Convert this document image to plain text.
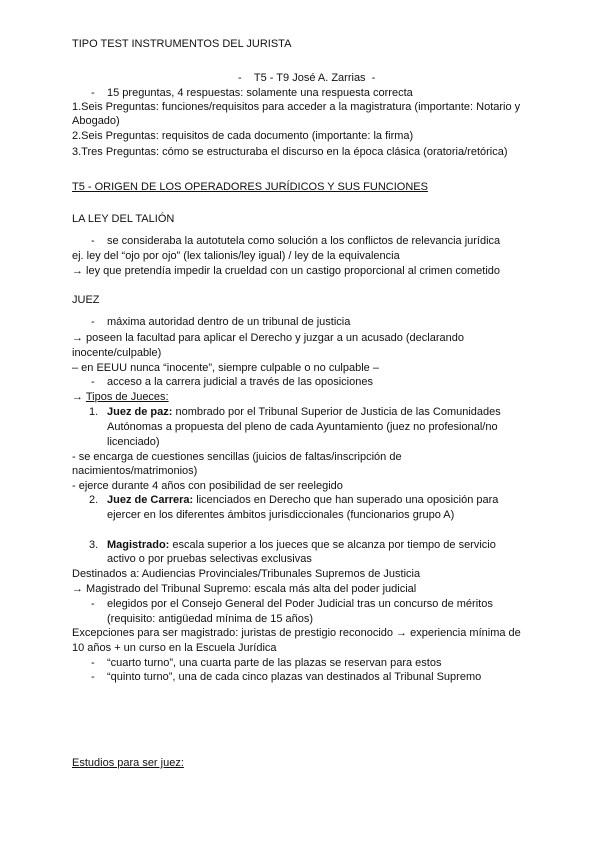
TIPO TEST INSTRUMENTOS DEL JURISTA
-    T5 - T9 José A. Zarrias  -
- 15 preguntas, 4 respuestas: solamente una respuesta correcta
1.Seis Preguntas: funciones/requisitos para acceder a la magistratura (importante: Notario y
Abogado)
2.Seis Preguntas: requisitos de cada documento (importante: la firma)
3.Tres Preguntas: cómo se estructuraba el discurso en la época clásica (oratoria/retórica)
T5 - ORIGEN DE LOS OPERADORES JURÍDICOS Y SUS FUNCIONES
LA LEY DEL TALIÓN
- se consideraba la autotutela como solución a los conflictos de relevancia jurídica
ej. ley del “ojo por ojo” (lex talionis/ley igual) / ley de la equivalencia
→ ley que pretendía impedir la crueldad con un castigo proporcional al crimen cometido
JUEZ
- máxima autoridad dentro de un tribunal de justicia
→ poseen la facultad para aplicar el Derecho y juzgar a un acusado (declarando
inocente/culpable)
– en EEUU nunca “inocente”, siempre culpable o no culpable –
- acceso a la carrera judicial a través de las oposiciones
→ Tipos de Jueces:
1. Juez de paz: nombrado por el Tribunal Superior de Justicia de las Comunidades
Autónomas a propuesta del pleno de cada Ayuntamiento (juez no profesional/no
licenciado)
- se encarga de cuestiones sencillas (juicios de faltas/inscripción de
nacimientos/matrimonios)
- ejerce durante 4 años con posibilidad de ser reelegido
2. Juez de Carrera: licenciados en Derecho que han superado una oposición para
ejercer en los diferentes ámbitos jurisdiccionales (funcionarios grupo A)
3. Magistrado: escala superior a los jueces que se alcanza por tiempo de servicio
activo o por pruebas selectivas exclusivas
Destinados a: Audiencias Provinciales/Tribunales Supremos de Justicia
→ Magistrado del Tribunal Supremo: escala más alta del poder judicial
- elegidos por el Consejo General del Poder Judicial tras un concurso de méritos
(requisito: antigüedad mínima de 15 años)
Excepciones para ser magistrado: juristas de prestigio reconocido → experiencia mínima de
10 años + un curso en la Escuela Jurídica
- “cuarto turno”, una cuarta parte de las plazas se reservan para estos
- “quinto turno”, una de cada cinco plazas van destinados al Tribunal Supremo
Estudios para ser juez:
